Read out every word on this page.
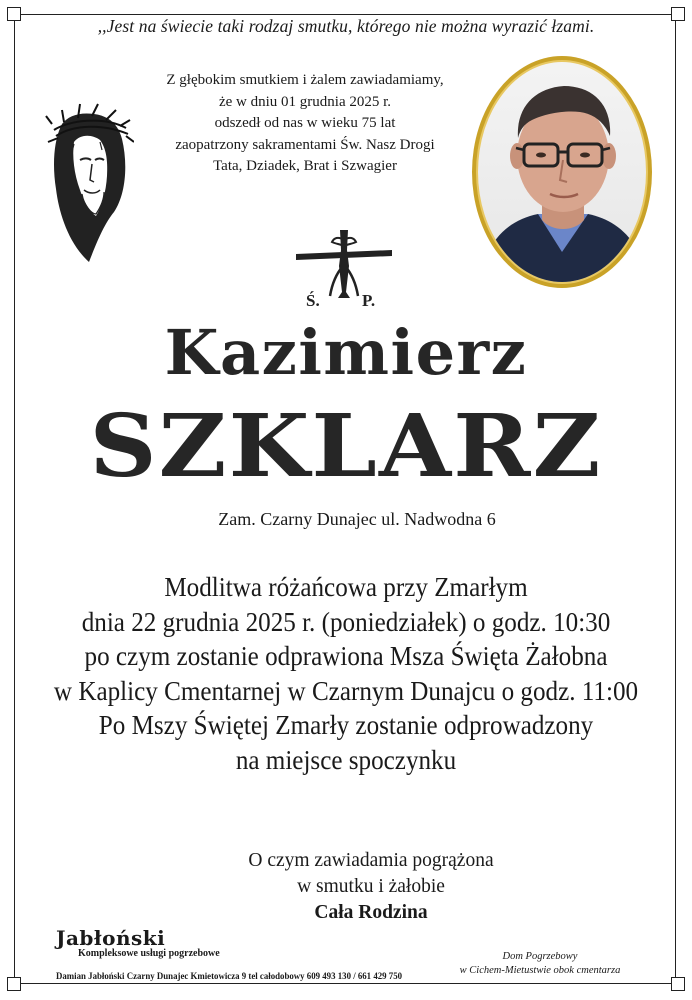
,,Jest na świecie taki rodzaj smutku, którego nie można wyrazić łzami.
Z głębokim smutkiem i żalem zawiadamiamy,
że w dniu 01 grudnia 2025 r.
odszedł od nas w wieku 75 lat
zaopatrzony sakramentami Św. Nasz Drogi
Tata, Dziadek, Brat i Szwagier
Ś. P.
Kazimierz
SZKLARZ
Zam. Czarny Dunajec ul. Nadwodna 6
Modlitwa różańcowa przy Zmarłym
dnia 22 grudnia 2025 r. (poniedziałek) o godz. 10:30
po czym zostanie odprawiona Msza Święta Żałobna
w Kaplicy Cmentarnej w Czarnym Dunajcu o godz. 11:00
Po Mszy Świętej Zmarły zostanie odprowadzony
na miejsce spoczynku
O czym zawiadamia pogrążona
w smutku i żałobie
Cała Rodzina
Jabłoński
Kompleksowe usługi pogrzebowe
Damian Jabłoński Czarny Dunajec Kmietowicza 9 tel całodobowy 609 493 130 / 661 429 750
Dom Pogrzebowy
w Cichem-Mietustwie obok cmentarza
